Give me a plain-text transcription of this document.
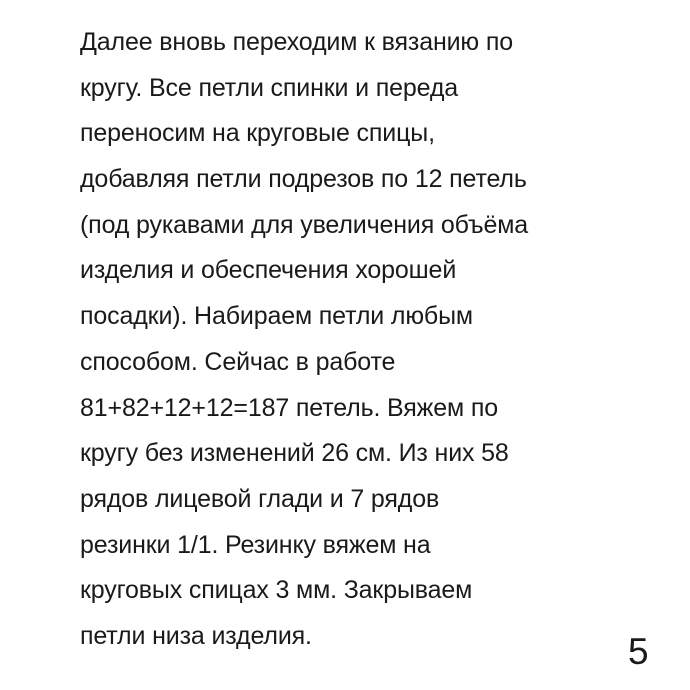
Далее вновь переходим к вязанию по
кругу. Все петли спинки и переда
переносим на круговые спицы,
добавляя петли подрезов по 12 петель
(под рукавами для увеличения объёма
изделия и обеспечения хорошей
посадки). Набираем петли любым
способом. Сейчас в работе
81+82+12+12=187 петель. Вяжем по
кругу без изменений 26 см. Из них 58
рядов лицевой глади и 7 рядов
резинки 1/1. Резинку вяжем на
круговых спицах 3 мм. Закрываем
петли низа изделия.	5
